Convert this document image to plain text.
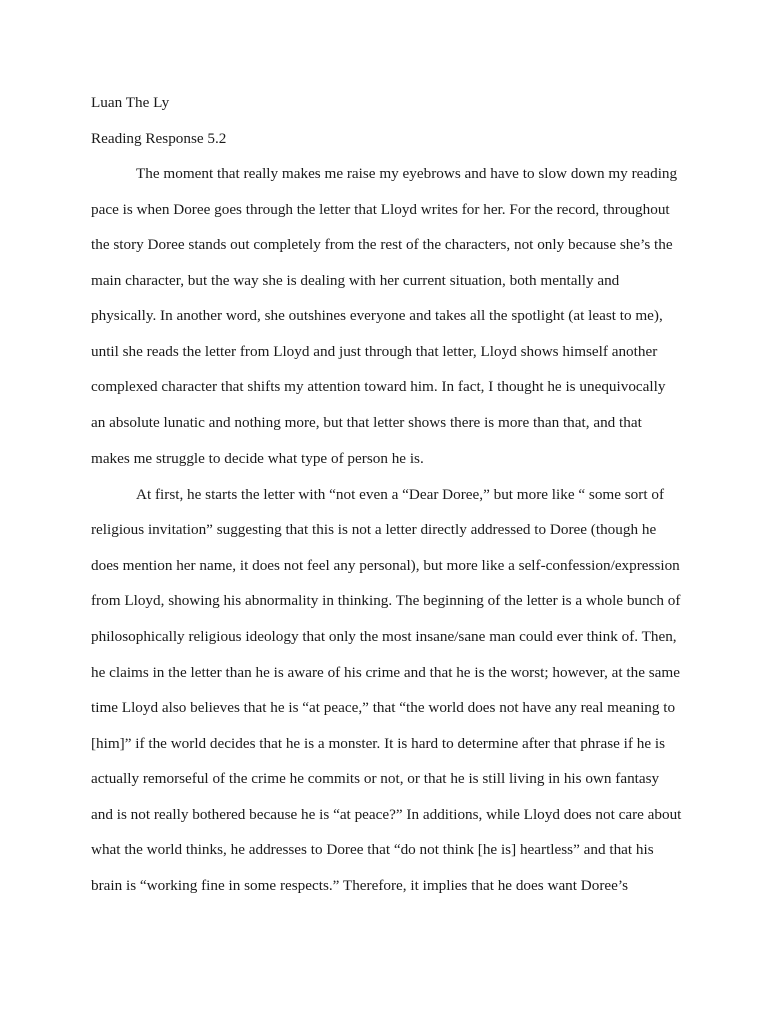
Luan The Ly

Reading Response 5.2

The moment that really makes me raise my eyebrows and have to slow down my reading

pace is when Doree goes through the letter that Lloyd writes for her. For the record, throughout

the story Doree stands out completely from the rest of the characters, not only because she’s the

main character, but the way she is dealing with her current situation, both mentally and

physically. In another word, she outshines everyone and takes all the spotlight (at least to me),

until she reads the letter from Lloyd and just through that letter, Lloyd shows himself another

complexed character that shifts my attention toward him. In fact, I thought he is unequivocally

an absolute lunatic and nothing more, but that letter shows there is more than that, and that

makes me struggle to decide what type of person he is.

At first, he starts the letter with “not even a “Dear Doree,” but more like “ some sort of

religious invitation” suggesting that this is not a letter directly addressed to Doree (though he

does mention her name, it does not feel any personal), but more like a self-confession/expression

from Lloyd, showing his abnormality in thinking. The beginning of the letter is a whole bunch of

philosophically religious ideology that only the most insane/sane man could ever think of. Then,

he claims in the letter than he is aware of his crime and that he is the worst; however, at the same

time Lloyd also believes that he is “at peace,” that “the world does not have any real meaning to

[him]” if the world decides that he is a monster. It is hard to determine after that phrase if he is

actually remorseful of the crime he commits or not, or that he is still living in his own fantasy

and is not really bothered because he is “at peace?” In additions, while Lloyd does not care about

what the world thinks, he addresses to Doree that “do not think [he is] heartless” and that his

brain is “working fine in some respects.” Therefore, it implies that he does want Doree’s
